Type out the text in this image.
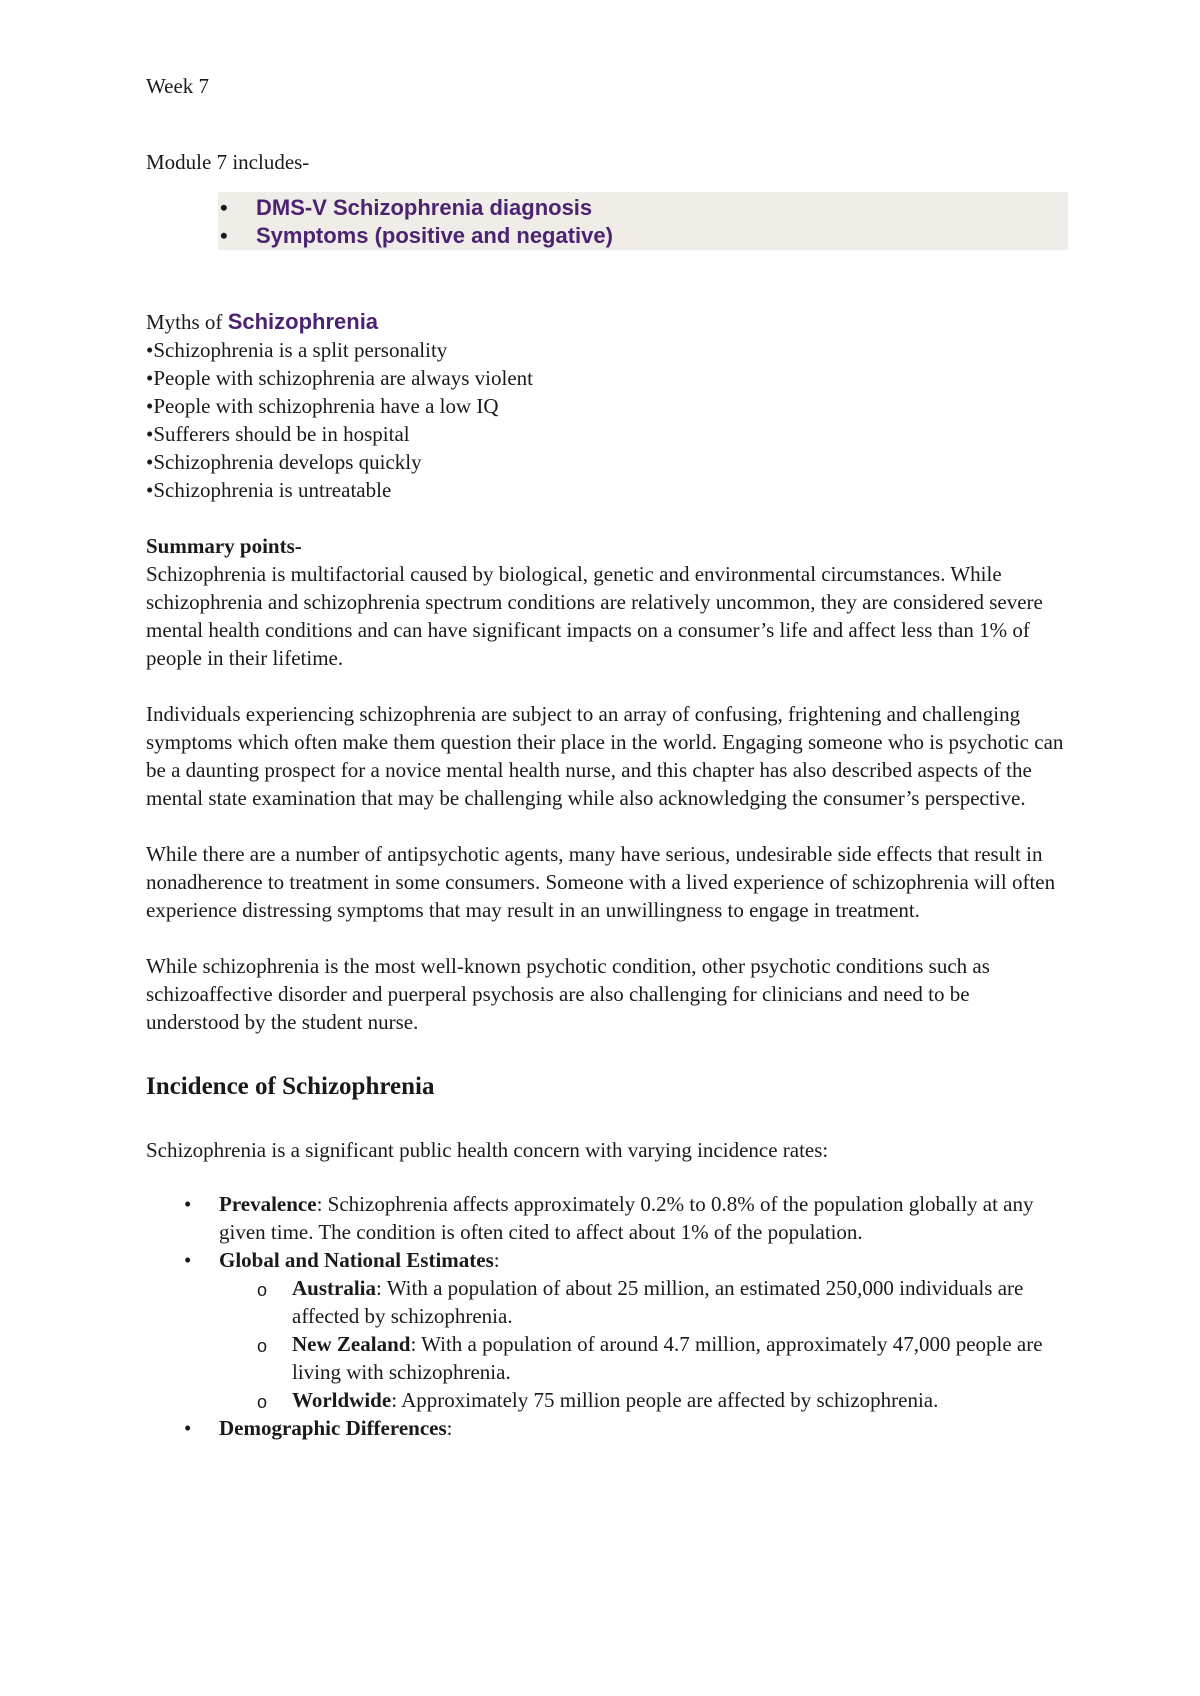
Week 7

Module 7 includes-

• DMS-V Schizophrenia diagnosis
• Symptoms (positive and negative)

Myths of Schizophrenia

•Schizophrenia is a split personality

•People with schizophrenia are always violent

•People with schizophrenia have a low IQ

•Sufferers should be in hospital

•Schizophrenia develops quickly

•Schizophrenia is untreatable

Summary points-

Schizophrenia is multifactorial caused by biological, genetic and environmental circumstances. While schizophrenia and schizophrenia spectrum conditions are relatively uncommon, they are considered severe mental health conditions and can have significant impacts on a consumer’s life and affect less than 1% of people in their lifetime.

Individuals experiencing schizophrenia are subject to an array of confusing, frightening and challenging symptoms which often make them question their place in the world. Engaging someone who is psychotic can be a daunting prospect for a novice mental health nurse, and this chapter has also described aspects of the mental state examination that may be challenging while also acknowledging the consumer’s perspective.

While there are a number of antipsychotic agents, many have serious, undesirable side effects that result in nonadherence to treatment in some consumers. Someone with a lived experience of schizophrenia will often experience distressing symptoms that may result in an unwillingness to engage in treatment.

While schizophrenia is the most well-known psychotic condition, other psychotic conditions such as schizoaffective disorder and puerperal psychosis are also challenging for clinicians and need to be understood by the student nurse.

Incidence of Schizophrenia

Schizophrenia is a significant public health concern with varying incidence rates:

• Prevalence: Schizophrenia affects approximately 0.2% to 0.8% of the population globally at any given time. The condition is often cited to affect about 1% of the population.
• Global and National Estimates:
o Australia: With a population of about 25 million, an estimated 250,000 individuals are affected by schizophrenia.
o New Zealand: With a population of around 4.7 million, approximately 47,000 people are living with schizophrenia.
o Worldwide: Approximately 75 million people are affected by schizophrenia.
• Demographic Differences:
